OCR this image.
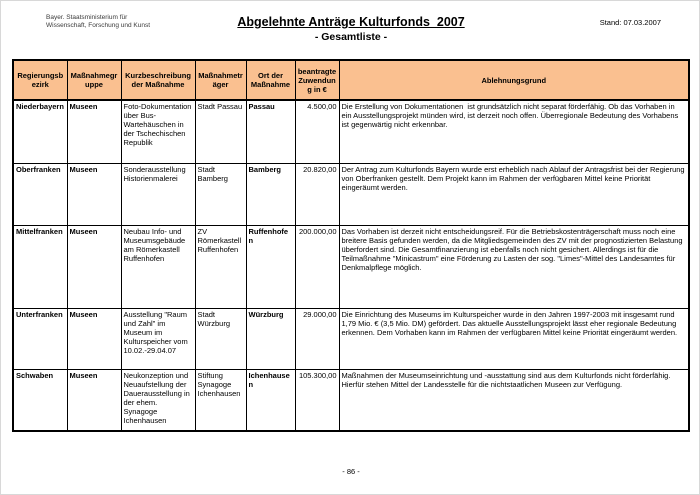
Bayer. Staatsministerium für
Wissenschaft, Forschung und Kunst	Abgelehnte Anträge Kulturfonds  2007
- Gesamtliste -
Stand: 07.03.2007
Regierungsbezirk	Maßnahmegruppe	Kurzbeschreibung der Maßnahme	Maßnahmeträger	Ort der Maßnahme	beantragte Zuwendung in €	Ablehnungsgrund
Niederbayern	Museen	Foto-Dokumentation über Bus-Wartehäuschen in der Tschechischen Republik	Stadt Passau	Passau	4.500,00	Die Erstellung von Dokumentationen  ist grundsätzlich nicht separat förderfähig. Ob das Vorhaben in ein Ausstellungsprojekt münden wird, ist derzeit noch offen. Überregionale Bedeutung des Vorhabens ist gegenwärtig nicht erkennbar.
Oberfranken	Museen	Sonderausstellung Historienmalerei	Stadt Bamberg	Bamberg	20.820,00	Der Antrag zum Kulturfonds Bayern wurde erst erheblich nach Ablauf der Antragsfrist bei der Regierung von Oberfranken gestellt. Dem Projekt kann im Rahmen der verfügbaren Mittel keine Priorität eingeräumt werden.
Mittelfranken	Museen	Neubau Info- und Museumsgebäude am Römerkastell Ruffenhofen	ZV Römerkastell Ruffenhofen	Ruffenhofen	200.000,00	Das Vorhaben ist derzeit nicht entscheidungsreif. Für die Betriebskostenträgerschaft muss noch eine breitere Basis gefunden werden, da die Mitgliedsgemeinden des ZV mit der prognostizierten Belastung überfordert sind. Die Gesamtfinanzierung ist ebenfalls noch nicht gesichert. Allerdings ist für die Teilmaßnahme "Minicastrum" eine Förderung zu Lasten der sog. "Limes"-Mittel des Landesamtes für Denkmalpflege möglich.
Unterfranken	Museen	Ausstellung "Raum und Zahl" im Museum im Kulturspeicher vom 10.02.-29.04.07	Stadt Würzburg	Würzburg	29.000,00	Die Einrichtung des Museums im Kulturspeicher wurde in den Jahren 1997-2003 mit insgesamt rund 1,79 Mio. € (3,5 Mio. DM) gefördert. Das aktuelle Ausstellungsprojekt lässt eher regionale Bedeutung erkennen. Dem Vorhaben kann im Rahmen der verfügbaren Mittel keine Priorität eingeräumt werden.
Schwaben	Museen	Neukonzeption und Neuaufstellung der Dauerausstellung in der ehem. Synagoge Ichenhausen	Stiftung Synagoge Ichenhausen	Ichenhausen	105.300,00	Maßnahmen der Museumseinrichtung und -ausstattung sind aus dem Kulturfonds nicht förderfähig. Hierfür stehen Mittel der Landesstelle für die nichtstaatlichen Museen zur Verfügung.
- 86 -
